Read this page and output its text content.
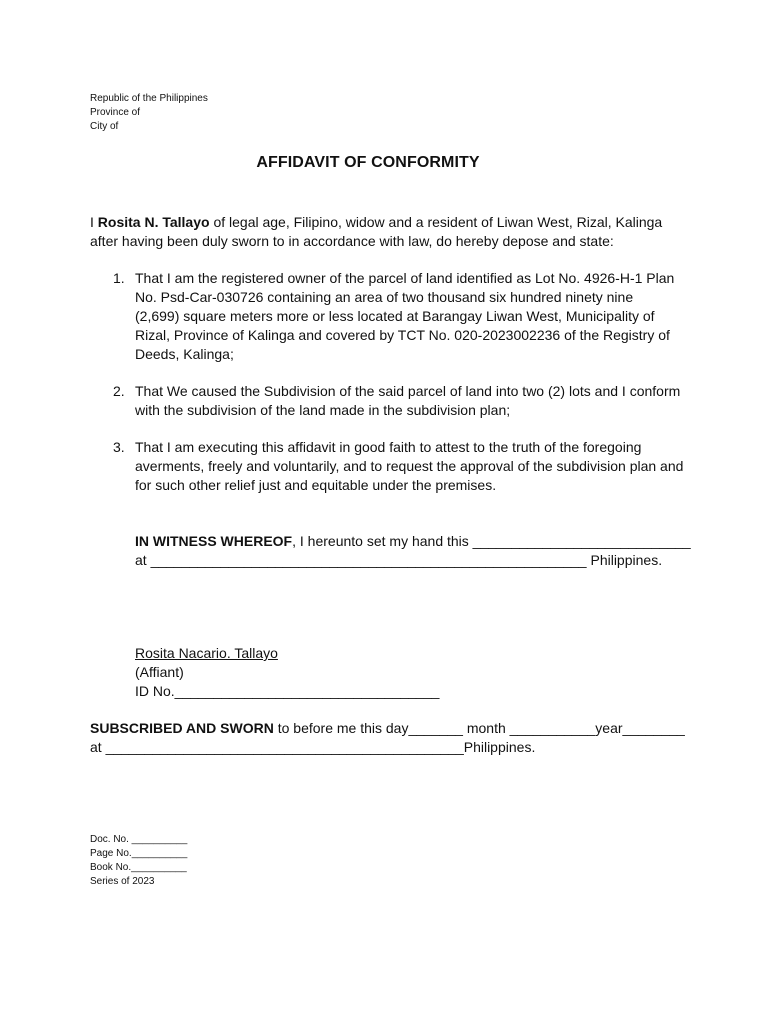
Republic of the Philippines
Province of
City of
AFFIDAVIT OF CONFORMITY
I Rosita N. Tallayo of legal age, Filipino, widow and a resident of Liwan West, Rizal, Kalinga
after having been duly sworn to in accordance with law, do hereby depose and state:
1. That I am the registered owner of the parcel of land identified as Lot No. 4926-H-1 Plan
No. Psd-Car-030726 containing an area of two thousand six hundred ninety nine
(2,699) square meters more or less located at Barangay Liwan West, Municipality of
Rizal, Province of Kalinga and covered by TCT No. 020-2023002236 of the Registry of
Deeds, Kalinga;
2. That We caused the Subdivision of the said parcel of land into two (2) lots and I conform
with the subdivision of the land made in the subdivision plan;
3. That I am executing this affidavit in good faith to attest to the truth of the foregoing
averments, freely and voluntarily, and to request the approval of the subdivision plan and
for such other relief just and equitable under the premises.
IN WITNESS WHEREOF, I hereunto set my hand this ____________________________
at ________________________________________________________ Philippines.
Rosita Nacario. Tallayo
(Affiant)
ID No.__________________________________
SUBSCRIBED AND SWORN to before me this day_______ month ___________year________
at ______________________________________________Philippines.
Doc. No. __________
Page No.__________
Book No.__________
Series of 2023
